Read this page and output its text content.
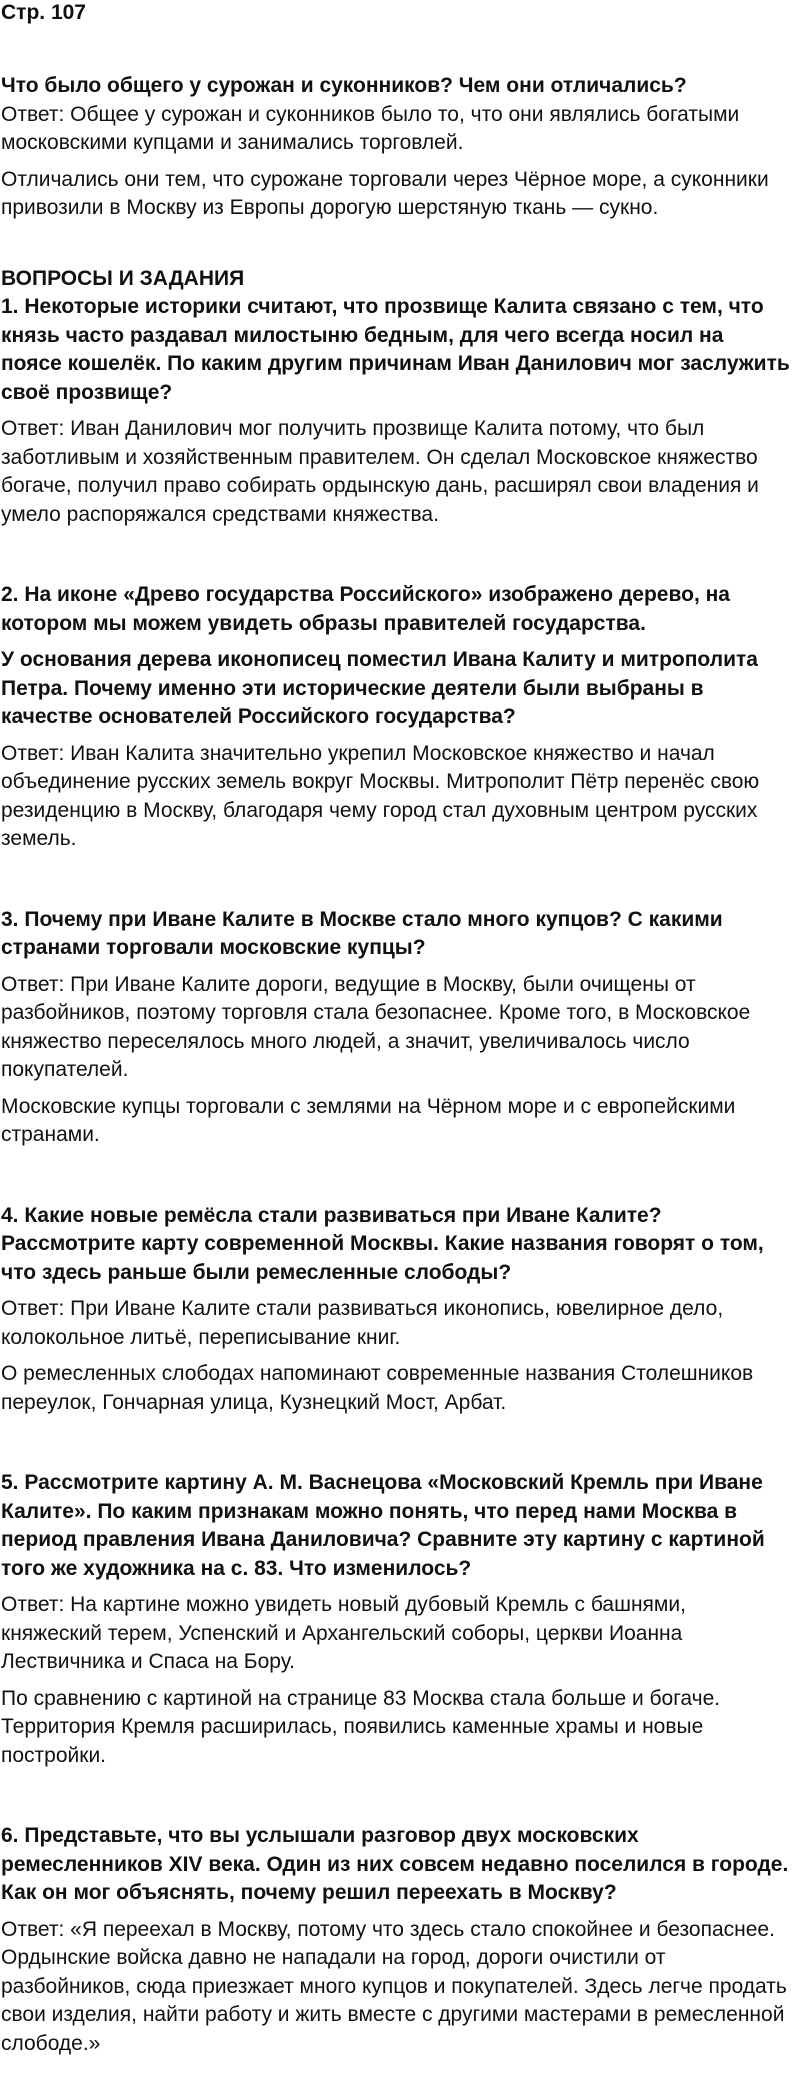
Стр. 107

Что было общего у сурожан и суконников? Чем они отличались?

Ответ: Общее у сурожан и суконников было то, что они являлись богатыми московскими купцами и занимались торговлей.

Отличались они тем, что сурожане торговали через Чёрное море, а суконники привозили в Москву из Европы дорогую шерстяную ткань — сукно.

ВОПРОСЫ И ЗАДАНИЯ

1. Некоторые историки считают, что прозвище Калита связано с тем, что князь часто раздавал милостыню бедным, для чего всегда носил на поясе кошелёк. По каким другим причинам Иван Данилович мог заслужить своё прозвище?

Ответ: Иван Данилович мог получить прозвище Калита потому, что был заботливым и хозяйственным правителем. Он сделал Московское княжество богаче, получил право собирать ордынскую дань, расширял свои владения и умело распоряжался средствами княжества.

2. На иконе «Древо государства Российского» изображено дерево, на котором мы можем увидеть образы правителей государства.

У основания дерева иконописец поместил Ивана Калиту и митрополита Петра. Почему именно эти исторические деятели были выбраны в качестве основателей Российского государства?

Ответ: Иван Калита значительно укрепил Московское княжество и начал объединение русских земель вокруг Москвы. Митрополит Пётр перенёс свою резиденцию в Москву, благодаря чему город стал духовным центром русских земель.

3. Почему при Иване Калите в Москве стало много купцов? С какими странами торговали московские купцы?

Ответ: При Иване Калите дороги, ведущие в Москву, были очищены от разбойников, поэтому торговля стала безопаснее. Кроме того, в Московское княжество переселялось много людей, а значит, увеличивалось число покупателей.

Московские купцы торговали с землями на Чёрном море и с европейскими странами.

4. Какие новые ремёсла стали развиваться при Иване Калите? Рассмотрите карту современной Москвы. Какие названия говорят о том, что здесь раньше были ремесленные слободы?

Ответ: При Иване Калите стали развиваться иконопись, ювелирное дело, колокольное литьё, переписывание книг.

О ремесленных слободах напоминают современные названия Столешников переулок, Гончарная улица, Кузнецкий Мост, Арбат.

5. Рассмотрите картину А. М. Васнецова «Московский Кремль при Иване Калите». По каким признакам можно понять, что перед нами Москва в период правления Ивана Даниловича? Сравните эту картину с картиной того же художника на с. 83. Что изменилось?

Ответ: На картине можно увидеть новый дубовый Кремль с башнями, княжеский терем, Успенский и Архангельский соборы, церкви Иоанна Лествичника и Спаса на Бору.

По сравнению с картиной на странице 83 Москва стала больше и богаче. Территория Кремля расширилась, появились каменные храмы и новые постройки.

6. Представьте, что вы услышали разговор двух московских ремесленников XIV века. Один из них совсем недавно поселился в городе. Как он мог объяснять, почему решил переехать в Москву?

Ответ: «Я переехал в Москву, потому что здесь стало спокойнее и безопаснее. Ордынские войска давно не нападали на город, дороги очистили от разбойников, сюда приезжает много купцов и покупателей. Здесь легче продать свои изделия, найти работу и жить вместе с другими мастерами в ремесленной слободе.»
